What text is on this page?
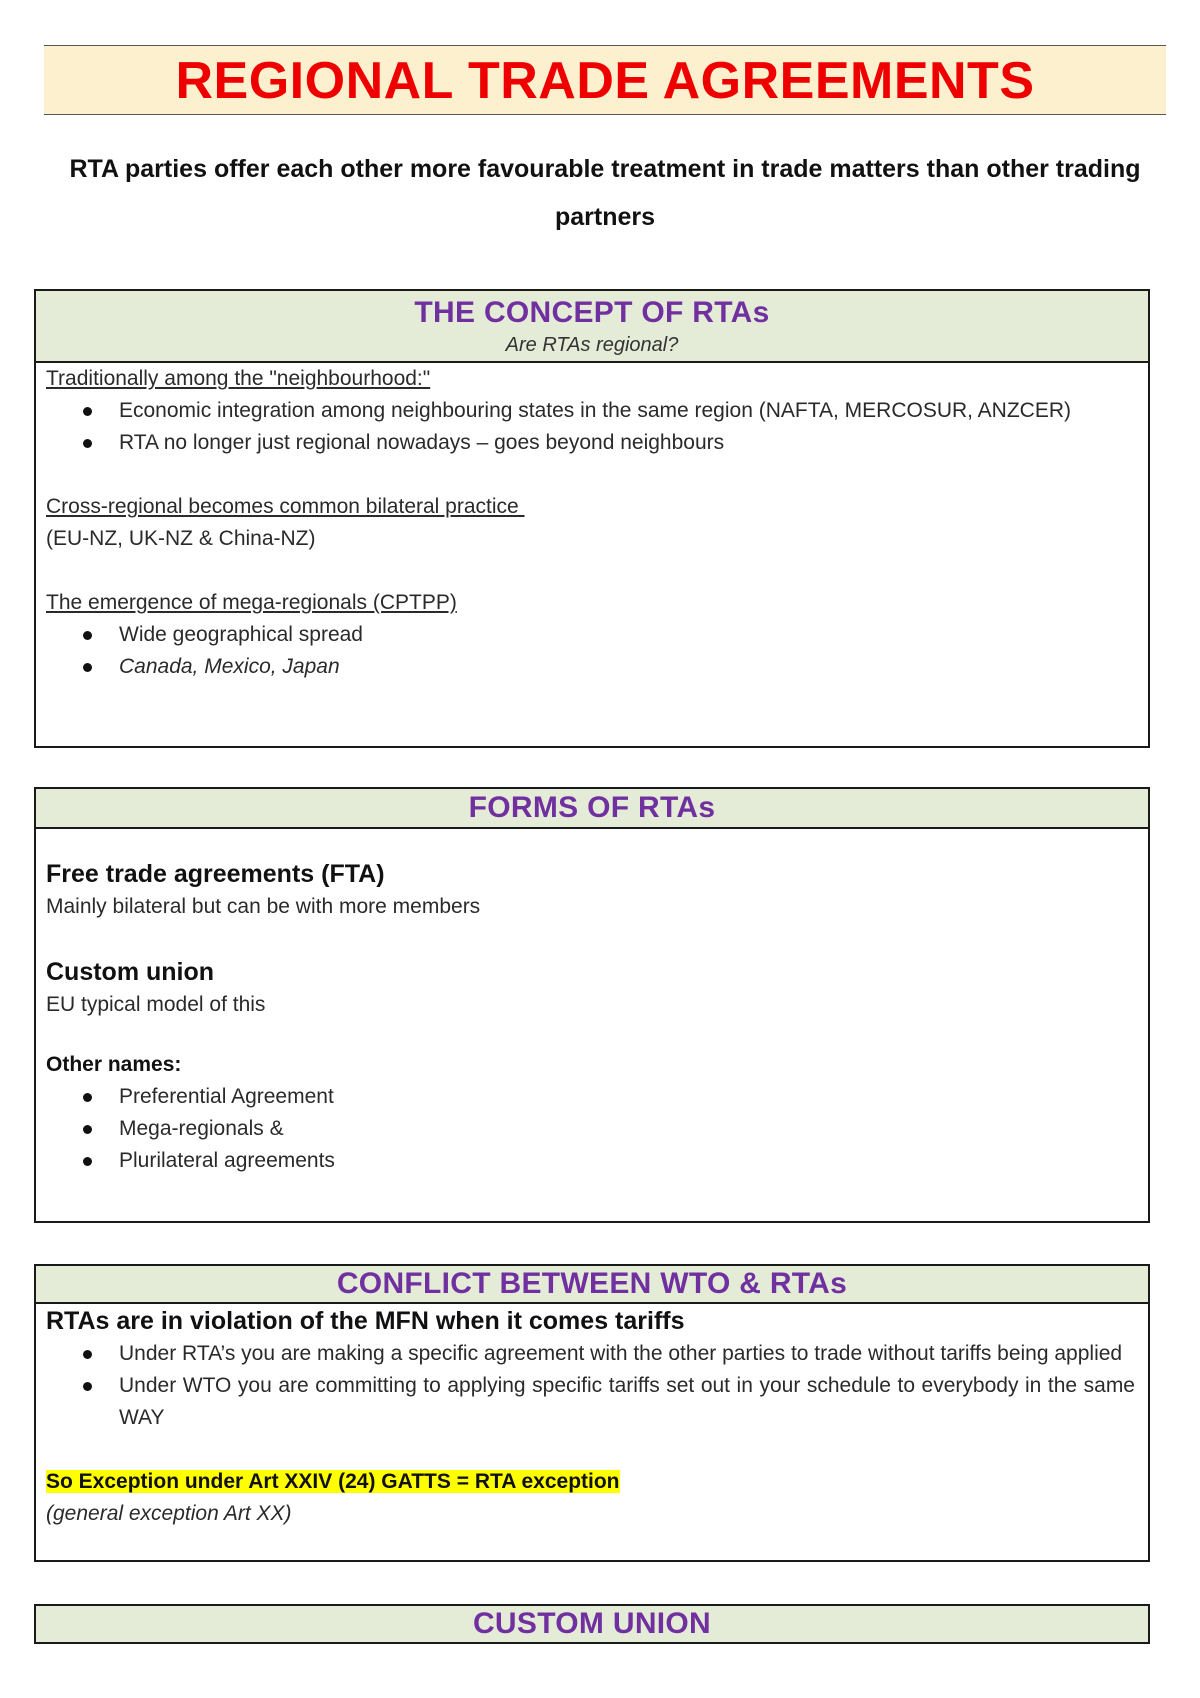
REGIONAL TRADE AGREEMENTS
RTA parties offer each other more favourable treatment in trade matters than other trading partners
THE CONCEPT OF RTAs
Are RTAs regional?
Traditionally among the "neighbourhood:"
Economic integration among neighbouring states in the same region (NAFTA, MERCOSUR, ANZCER)
RTA no longer just regional nowadays – goes beyond neighbours
Cross-regional becomes common bilateral practice
(EU-NZ, UK-NZ & China-NZ)
The emergence of mega-regionals (CPTPP)
Wide geographical spread
Canada, Mexico, Japan
FORMS OF RTAs
Free trade agreements (FTA)
Mainly bilateral but can be with more members
Custom union
EU typical model of this
Other names:
Preferential Agreement
Mega-regionals &
Plurilateral agreements
CONFLICT BETWEEN WTO & RTAs
RTAs are in violation of the MFN when it comes tariffs
Under RTA’s you are making a specific agreement with the other parties to trade without tariffs being applied
Under WTO you are committing to applying specific tariffs set out in your schedule to everybody in the same WAY
So Exception under Art XXIV (24) GATTS = RTA exception
(general exception Art XX)
CUSTOM UNION
